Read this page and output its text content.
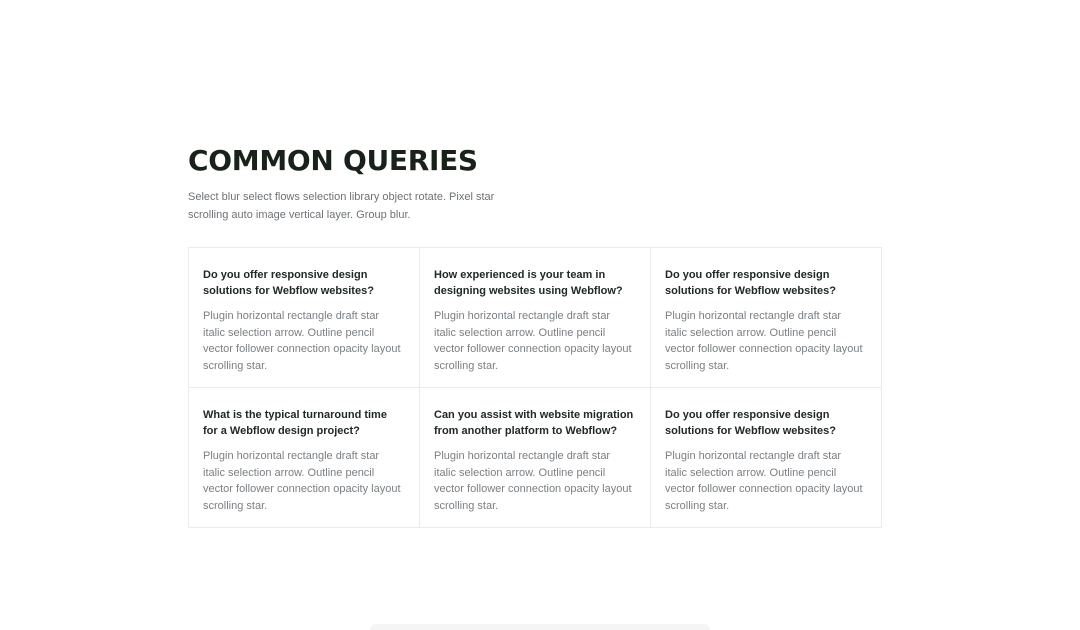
COMMON QUERIES

Select blur select flows selection library object rotate. Pixel star scrolling auto image vertical layer. Group blur.

Do you offer responsive design solutions for Webflow websites?

Plugin horizontal rectangle draft star italic selection arrow. Outline pencil vector follower connection opacity layout scrolling star.

How experienced is your team in designing websites using Webflow?

Plugin horizontal rectangle draft star italic selection arrow. Outline pencil vector follower connection opacity layout scrolling star.

Do you offer responsive design solutions for Webflow websites?

Plugin horizontal rectangle draft star italic selection arrow. Outline pencil vector follower connection opacity layout scrolling star.

What is the typical turnaround time for a Webflow design project?

Plugin horizontal rectangle draft star italic selection arrow. Outline pencil vector follower connection opacity layout scrolling star.

Can you assist with website migration from another platform to Webflow?

Plugin horizontal rectangle draft star italic selection arrow. Outline pencil vector follower connection opacity layout scrolling star.

Do you offer responsive design solutions for Webflow websites?

Plugin horizontal rectangle draft star italic selection arrow. Outline pencil vector follower connection opacity layout scrolling star.
